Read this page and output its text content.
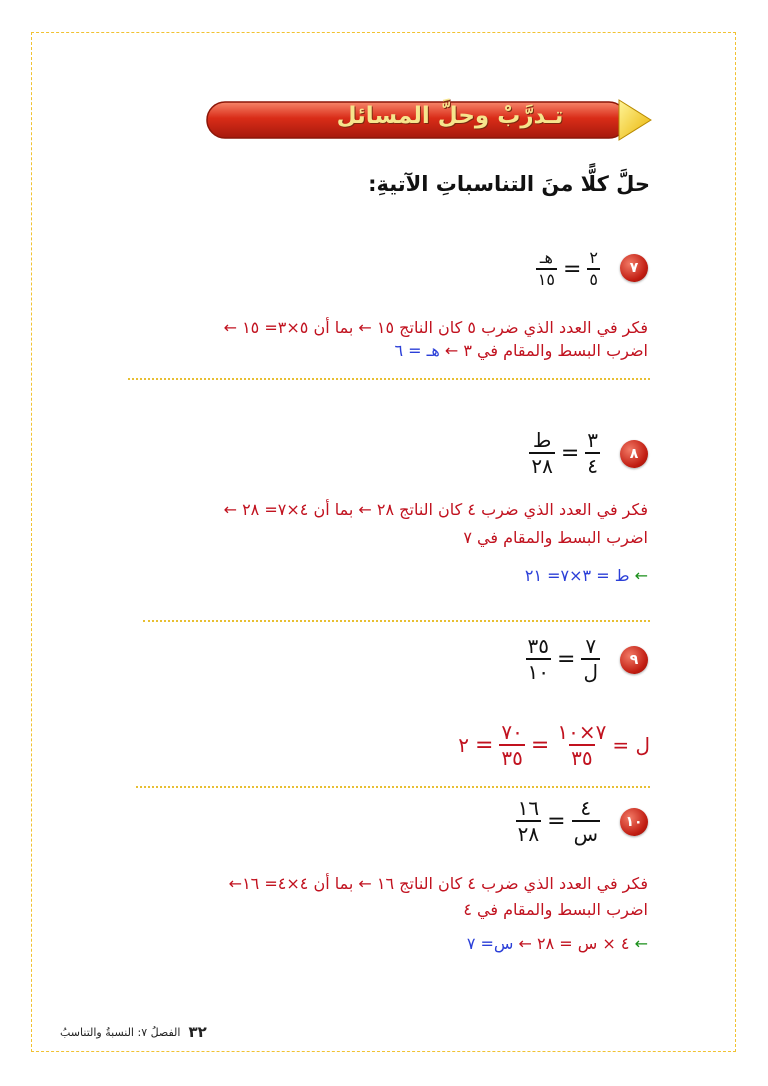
تـدرَّبْ وحلَّ المسائل
حلَّ كلًّا منَ التناسباتِ الآتيةِ:
٧
$\frac{٢}{٥}$
=
$\frac{\text{هـ}}{١٥}$
فكر في العدد الذي ضرب ٥ كان الناتج ١٥ ← بما أن ٥×٣= ١٥ ←
اضرب البسط والمقام في ٣ ← هـ = ٦
٨
$\frac{٣}{٤}$
=
$\frac{\text{ط}}{٢٨}$
فكر في العدد الذي ضرب ٤ كان الناتج ٢٨ ← بما أن ٤×٧= ٢٨ ←
اضرب البسط والمقام في ٧
← ط = ٣×٧= ٢١
٩
$\frac{٧}{\text{ل}}$
=
$\frac{٣٥}{١٠}$
ل =
$\frac{٧\times ١٠}{٣٥}$
=
$\frac{٧٠}{٣٥}$
=
٢
١٠
$\frac{٤}{\text{س}}$
=
$\frac{١٦}{٢٨}$
فكر في العدد الذي ضرب ٤ كان الناتج ١٦ ← بما أن ٤×٤= ١٦←
اضرب البسط والمقام في ٤
← ٤ × س = ٢٨ ← س= ٧
٣٢
الفصلُ ٧: النسبةُ والتناسبُ
